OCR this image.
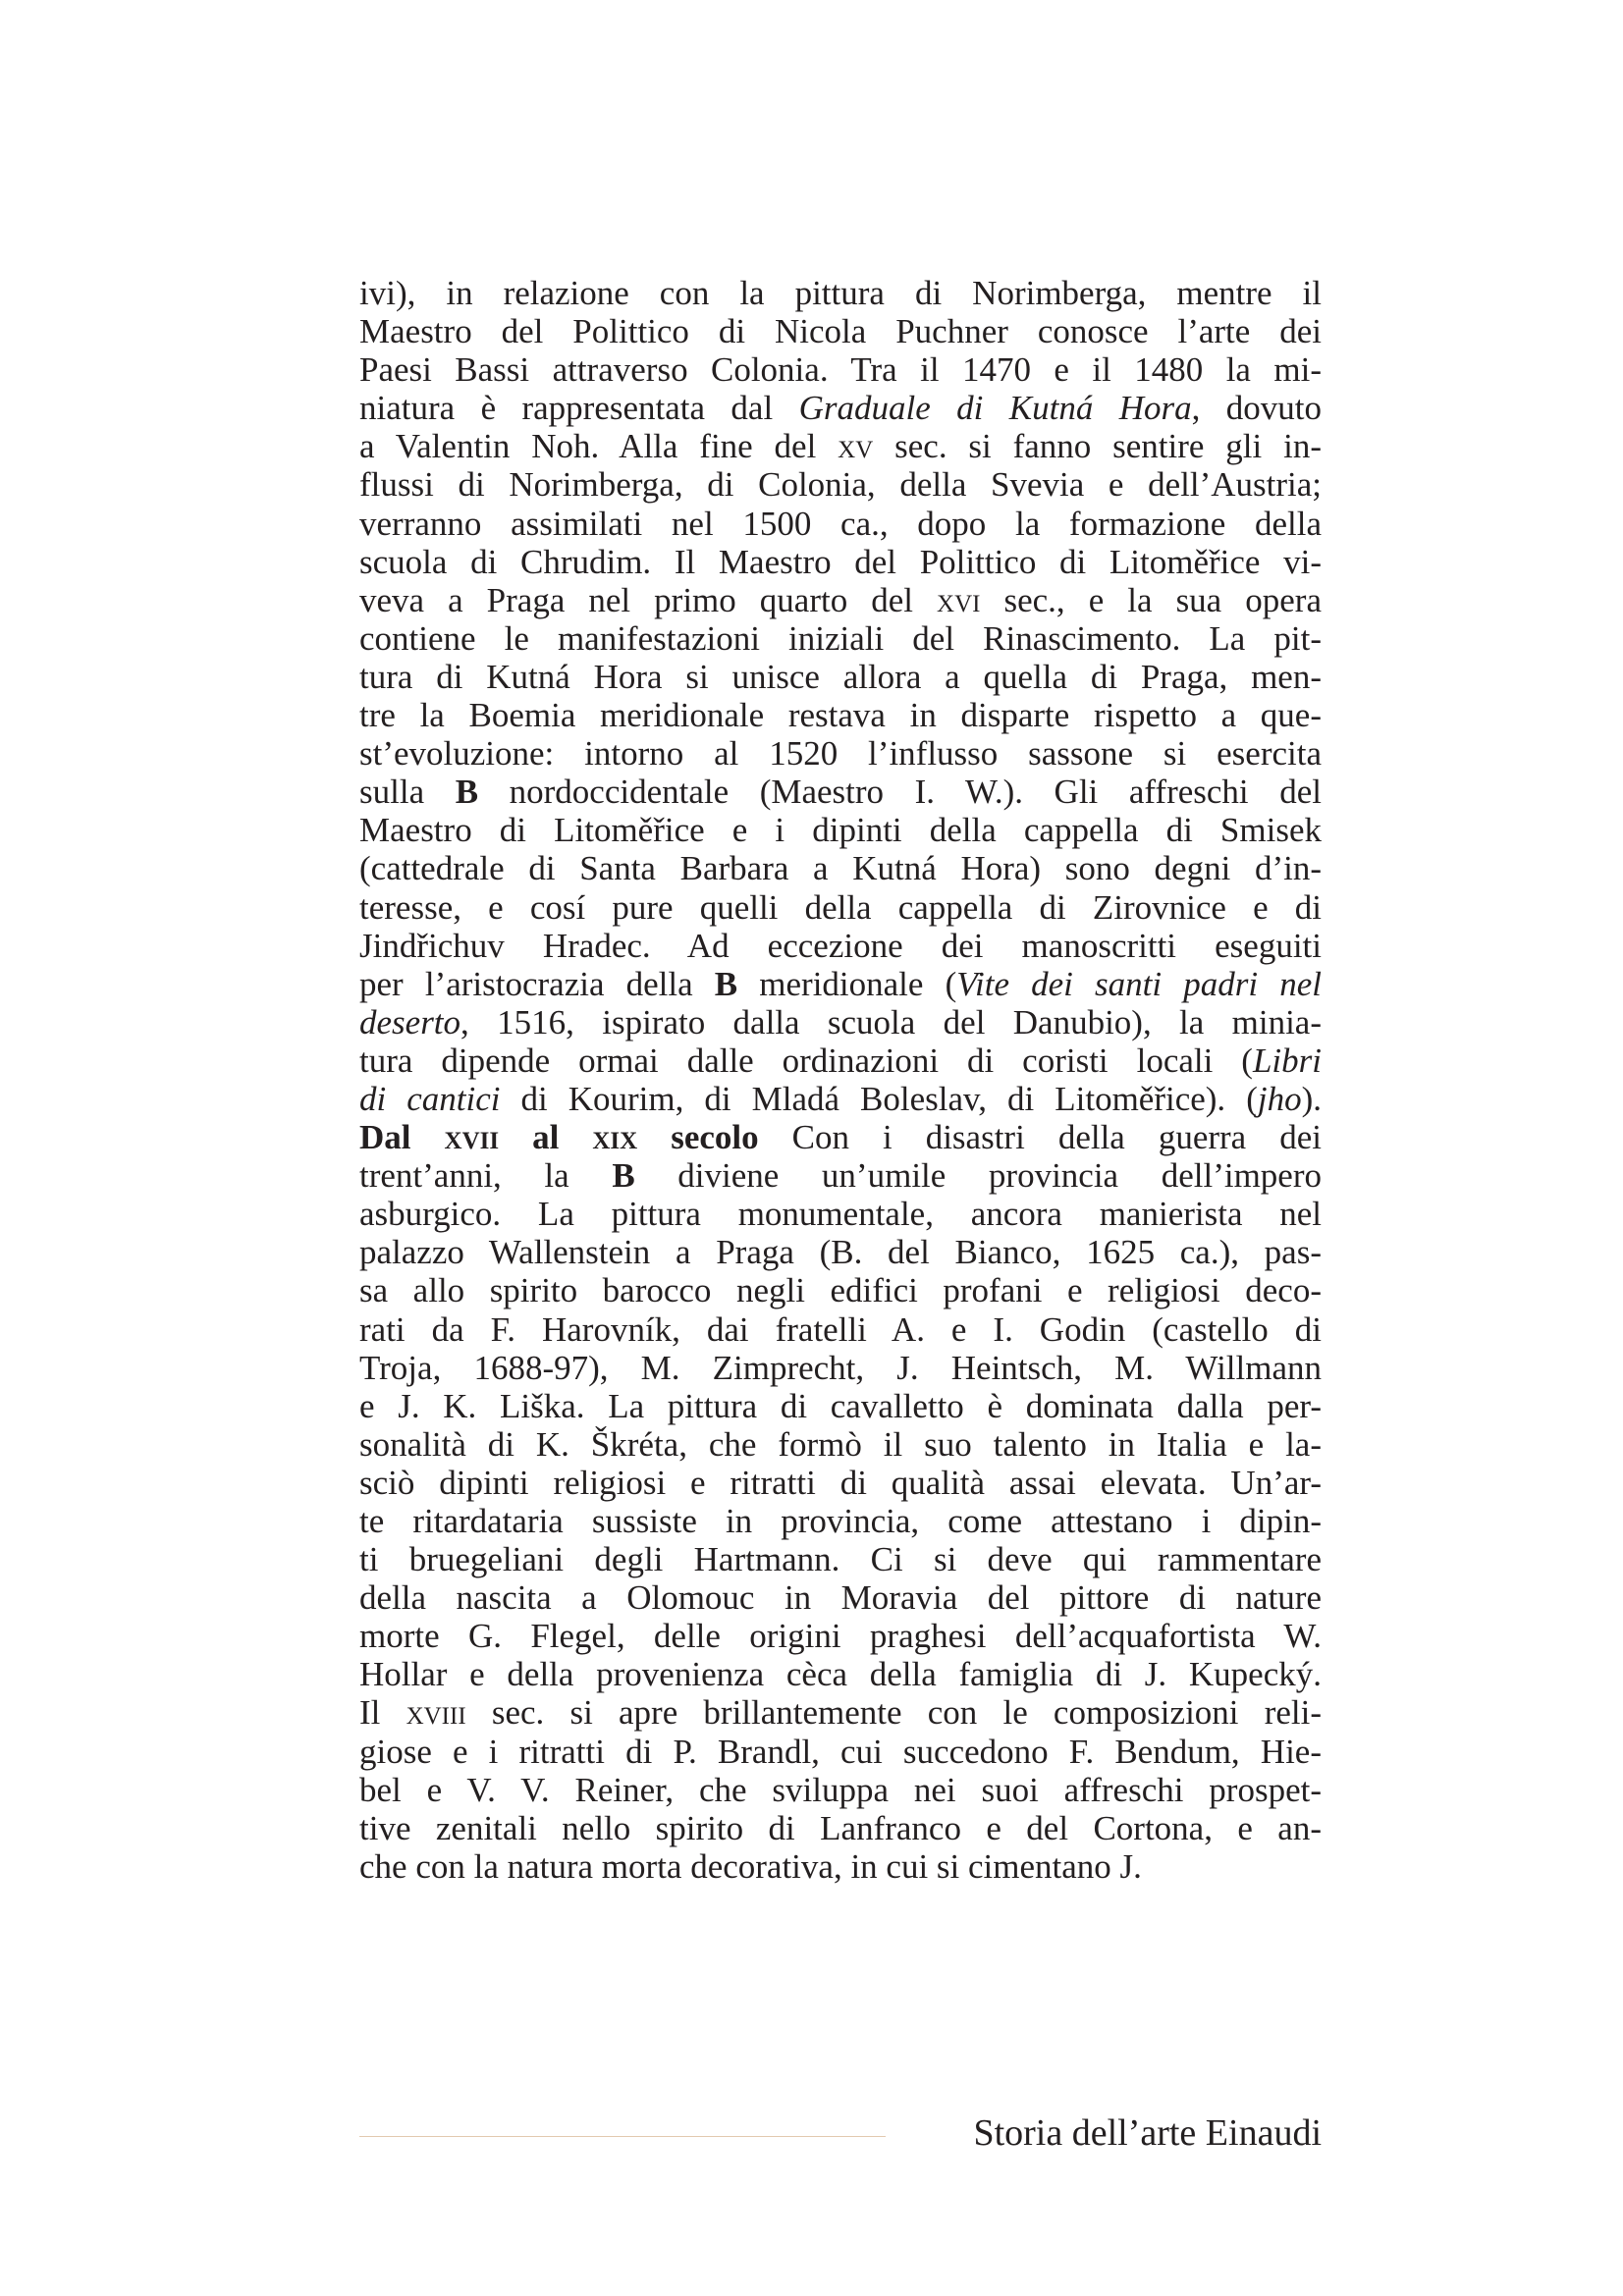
ivi), in relazione con la pittura di Norimberga, mentre il
Maestro del Polittico di Nicola Puchner conosce l’arte dei
Paesi Bassi attraverso Colonia. Tra il 1470 e il 1480 la mi-
niatura è rappresentata dal Graduale di Kutná Hora, dovuto
a Valentin Noh. Alla fine del xv sec. si fanno sentire gli in-
flussi di Norimberga, di Colonia, della Svevia e dell’Austria;
verranno assimilati nel 1500 ca., dopo la formazione della
scuola di Chrudim. Il Maestro del Polittico di Litoměřice vi-
veva a Praga nel primo quarto del xvi sec., e la sua opera
contiene le manifestazioni iniziali del Rinascimento. La pit-
tura di Kutná Hora si unisce allora a quella di Praga, men-
tre la Boemia meridionale restava in disparte rispetto a que-
st’evoluzione: intorno al 1520 l’influsso sassone si esercita
sulla B nordoccidentale (Maestro I. W.). Gli affreschi del
Maestro di Litoměřice e i dipinti della cappella di Smisek
(cattedrale di Santa Barbara a Kutná Hora) sono degni d’in-
teresse, e cosí pure quelli della cappella di Zirovnice e di
Jindřichuv Hradec. Ad eccezione dei manoscritti eseguiti
per l’aristocrazia della B meridionale (Vite dei santi padri nel
deserto, 1516, ispirato dalla scuola del Danubio), la minia-
tura dipende ormai dalle ordinazioni di coristi locali (Libri
di cantici di Kourim, di Mladá Boleslav, di Litoměřice). (jho).
Dal xvii al xix secolo Con i disastri della guerra dei
trent’anni, la B diviene un’umile provincia dell’impero
asburgico. La pittura monumentale, ancora manierista nel
palazzo Wallenstein a Praga (B. del Bianco, 1625 ca.), pas-
sa allo spirito barocco negli edifici profani e religiosi deco-
rati da F. Harovník, dai fratelli A. e I. Godin (castello di
Troja, 1688-97), M. Zimprecht, J. Heintsch, M. Willmann
e J. K. Liška. La pittura di cavalletto è dominata dalla per-
sonalità di K. Škréta, che formò il suo talento in Italia e la-
sciò dipinti religiosi e ritratti di qualità assai elevata. Un’ar-
te ritardataria sussiste in provincia, come attestano i dipin-
ti bruegeliani degli Hartmann. Ci si deve qui rammentare
della nascita a Olomouc in Moravia del pittore di nature
morte G. Flegel, delle origini praghesi dell’acquafortista W.
Hollar e della provenienza cèca della famiglia di J. Kupecký.
Il xviii sec. si apre brillantemente con le composizioni reli-
giose e i ritratti di P. Brandl, cui succedono F. Bendum, Hie-
bel e V. V. Reiner, che sviluppa nei suoi affreschi prospet-
tive zenitali nello spirito di Lanfranco e del Cortona, e an-
che con la natura morta decorativa, in cui si cimentano J.
Storia dell’arte Einaudi
